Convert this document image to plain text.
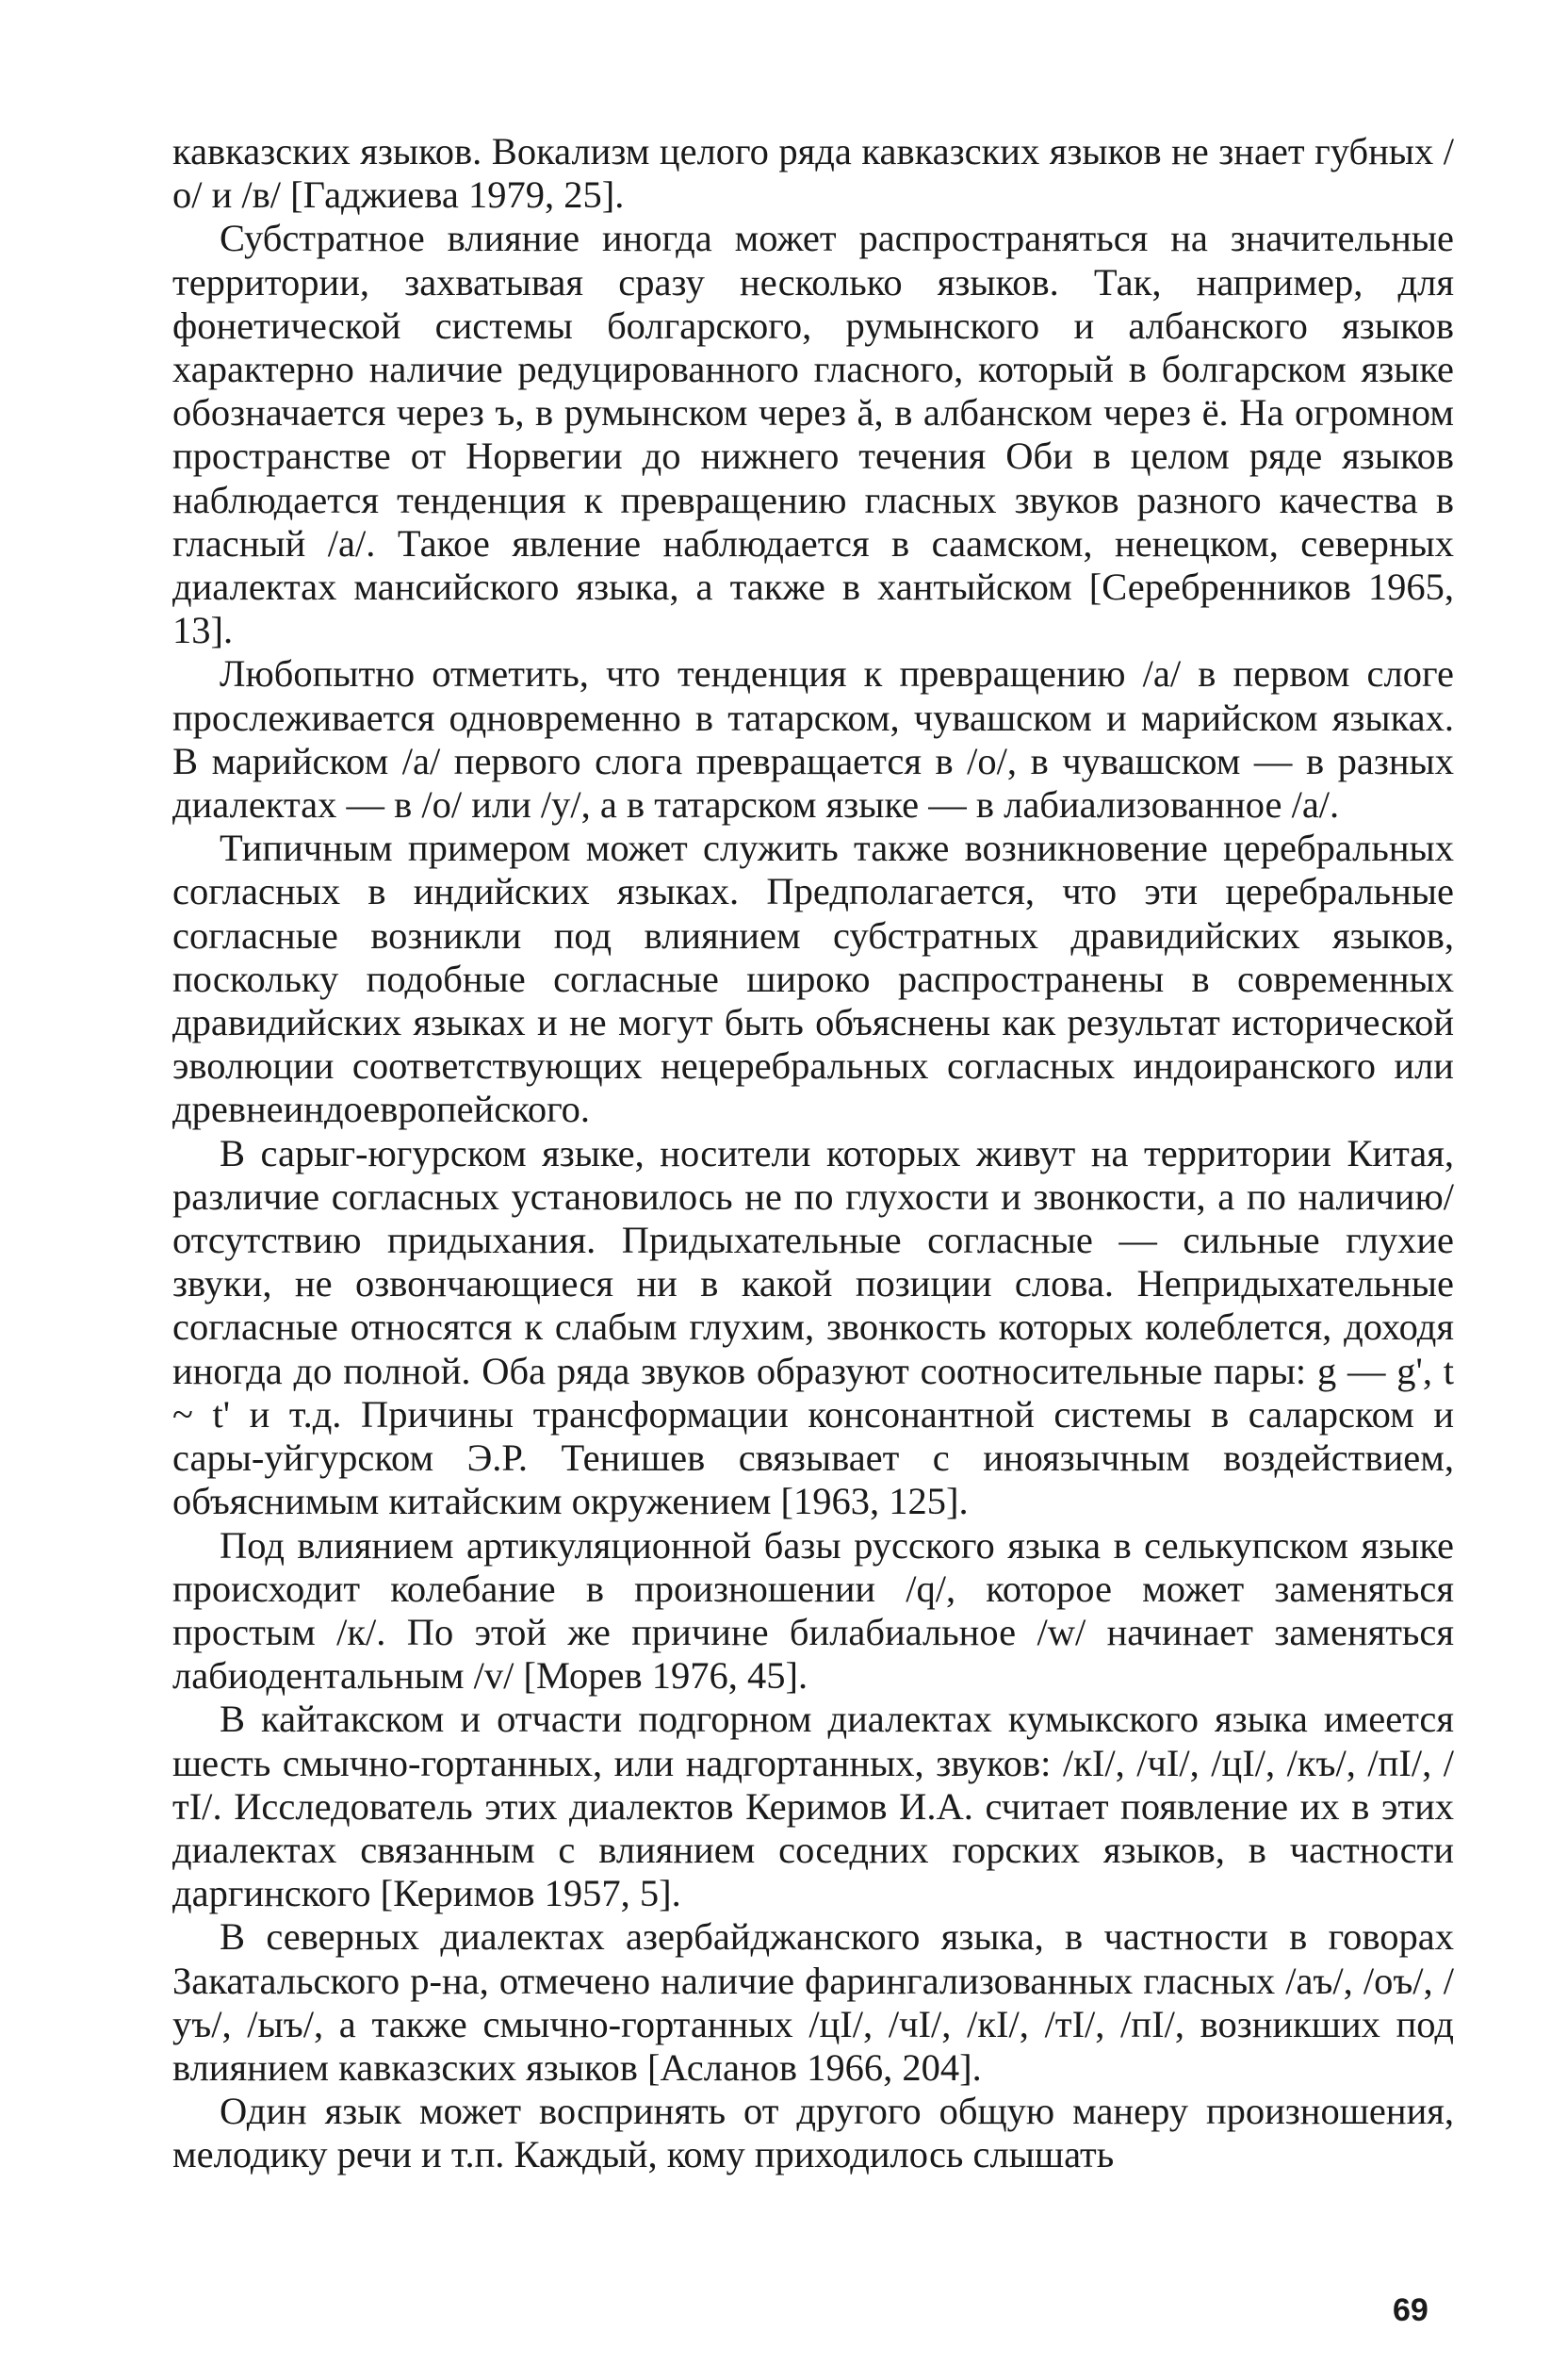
кавказских языков. Вокализм целого ряда кавказских языков не знает губных /о/ и /в/ [Гаджиева 1979, 25].

Субстратное влияние иногда может распространяться на значительные территории, захватывая сразу несколько языков. Так, например, для фонетической системы болгарского, румынского и албанского языков характерно наличие редуцированного гласного, который в болгарском языке обозначается через ъ, в румынском через ă, в албанском через ë. На огромном пространстве от Норвегии до нижнего течения Оби в целом ряде языков наблюдается тенденция к превращению гласных звуков разного качества в гласный /а/. Такое явление наблюдается в саамском, ненецком, северных диалектах мансийского языка, а также в хантыйском [Серебренников 1965, 13].

Любопытно отметить, что тенденция к превращению /а/ в первом слоге прослеживается одновременно в татарском, чувашском и марийском языках. В марийском /а/ первого слога превращается в /о/, в чувашском — в разных диалектах — в /о/ или /у/, а в татарском языке — в лабиализованное /а/.

Типичным примером может служить также возникновение церебральных согласных в индийских языках. Предполагается, что эти церебральные согласные возникли под влиянием субстратных дравидийских языков, поскольку подобные согласные широко распространены в современных дравидийских языках и не могут быть объяснены как результат исторической эволюции соответствующих нецеребральных согласных индоиранского или древнеиндоевропейского.

В сарыг-югурском языке, носители которых живут на территории Китая, различие согласных установилось не по глухости и звонкости, а по наличию/отсутствию придыхания. Придыхательные согласные — сильные глухие звуки, не озвончающиеся ни в какой позиции слова. Непридыхательные согласные относятся к слабым глухим, звонкость которых колеблется, доходя иногда до полной. Оба ряда звуков образуют соотносительные пары: g — g', t ~ t' и т.д. Причины трансформации консонантной системы в саларском и сары-уйгурском Э.Р. Тенишев связывает с иноязычным воздействием, объяснимым китайским окружением [1963, 125].

Под влиянием артикуляционной базы русского языка в селькупском языке происходит колебание в произношении /q/, которое может заменяться простым /к/. По этой же причине билабиальное /w/ начинает заменяться лабиодентальным /v/ [Морев 1976, 45].

В кайтакском и отчасти подгорном диалектах кумыкского языка имеется шесть смычно-гортанных, или надгортанных, звуков: /кI/, /чI/, /цI/, /къ/, /пI/, /тI/. Исследователь этих диалектов Керимов И.А. считает появление их в этих диалектах связанным с влиянием соседних горских языков, в частности даргинского [Керимов 1957, 5].

В северных диалектах азербайджанского языка, в частности в говорах Закатальского р-на, отмечено наличие фарингализованных гласных /аъ/, /оъ/, /уъ/, /ыъ/, а также смычно-гортанных /цI/, /чI/, /кI/, /тI/, /пI/, возникших под влиянием кавказских языков [Асланов 1966, 204].

Один язык может воспринять от другого общую манеру произношения, мелодику речи и т.п. Каждый, кому приходилось слышать

69
